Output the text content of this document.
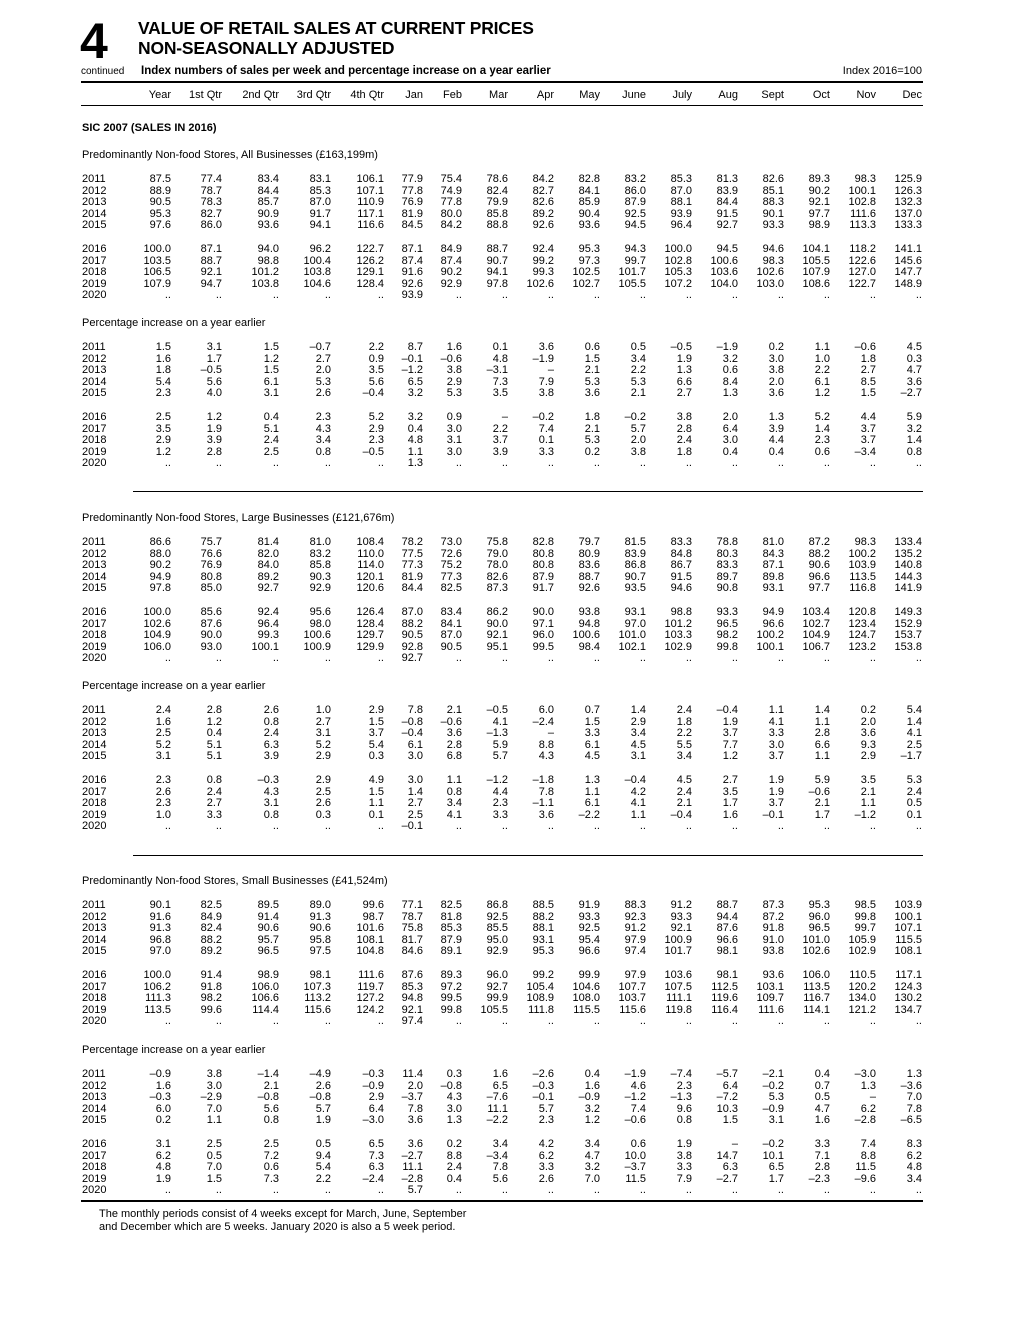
4 VALUE OF RETAIL SALES AT CURRENT PRICES
NON-SEASONALLY ADJUSTED
continued Index numbers of sales per week and percentage increase on a year earlier	Index 2016=100
Year 1st Qtr 2nd Qtr 3rd Qtr 4th Qtr Jan Feb Mar	Apr May June July Aug Sept	Oct Nov Dec
SIC 2007 (SALES IN 2016)
Predominantly Non-food Stores, All Businesses (£163,199m)
2011	87.5	77.4	83.4	83.1 106.1 77.9 75.4 78.6 84.2 82.8 83.2 85.3 81.3 82.6 89.3 98.3 125.9
2012	88.9	78.7	84.4	85.3 107.1 77.8 74.9 82.4 82.7 84.1 86.0 87.0 83.9 85.1 90.2 100.1 126.3
2013	90.5	78.3	85.7	87.0 110.9 76.9 77.8 79.9 82.6 85.9 87.9 88.1 84.4 88.3 92.1 102.8 132.3
2014	95.3	82.7	90.9	91.7 117.1 81.9 80.0 85.8 89.2 90.4 92.5 93.9 91.5 90.1 97.7 111.6 137.0
2015	97.6	86.0	93.6	94.1 116.6 84.5 84.2 88.8 92.6 93.6 94.5 96.4 92.7 93.3 98.9 113.3 133.3
2016	100.0	87.1	94.0	96.2 122.7 87.1 84.9 88.7 92.4 95.3 94.3 100.0 94.5 94.6 104.1 118.2 141.1
2017	103.5	88.7	98.8 100.4 126.2 87.4 87.4 90.7 99.2 97.3 99.7 102.8 100.6 98.3 105.5 122.6 145.6
2018	106.5	92.1	101.2 103.8 129.1 91.6 90.2 94.1 99.3 102.5 101.7 105.3 103.6 102.6 107.9 127.0 147.7
2019	107.9	94.7	103.8 104.6 128.4 92.6 92.9 97.8 102.6 102.7 105.5 107.2 104.0 103.0 108.6 122.7 148.9
2020	..	..	..	..	.. 93.9	..	..	..	..	..	..	..	..	..	..	..
Percentage increase on a year earlier
2011	1.5	3.1	1.5	–0.7	2.2 8.7 1.6	0.1	3.6	0.6	0.5 –0.5 –1.9	0.2	1.1 –0.6	4.5
2012	1.6	1.7	1.2	2.7	0.9 –0.1 –0.6	4.8 –1.9	1.5	3.4	1.9	3.2	3.0	1.0	1.8	0.3
2013	1.8	–0.5	1.5	2.0	3.5 –1.2 3.8 –3.1	–	2.1	2.2	1.3	0.6	3.8	2.2	2.7	4.7
2014	5.4	5.6	6.1	5.3	5.6 6.5 2.9	7.3	7.9	5.3	5.3	6.6	8.4	2.0	6.1	8.5	3.6
2015	2.3	4.0	3.1	2.6	–0.4 3.2 5.3	3.5	3.8	3.6	2.1	2.7	1.3	3.6	1.2	1.5 –2.7
2016	2.5	1.2	0.4	2.3	5.2 3.2 0.9	– –0.2	1.8 –0.2	3.8	2.0	1.3	5.2	4.4	5.9
2017	3.5	1.9	5.1	4.3	2.9 0.4 3.0	2.2	7.4	2.1	5.7	2.8	6.4	3.9	1.4	3.7	3.2
2018	2.9	3.9	2.4	3.4	2.3 4.8 3.1	3.7	0.1	5.3	2.0	2.4	3.0	4.4	2.3	3.7	1.4
2019	1.2	2.8	2.5	0.8	–0.5 1.1 3.0	3.9	3.3	0.2	3.8	1.8	0.4	0.4	0.6 –3.4	0.8
2020	..	..	..	..	.. 1.3	..	..	..	..	..	..	..	..	..	..	..
Predominantly Non-food Stores, Large Businesses (£121,676m)
2011	86.6	75.7	81.4	81.0 108.4 78.2 73.0 75.8 82.8 79.7 81.5 83.3 78.8 81.0 87.2 98.3 133.4
2012	88.0	76.6	82.0	83.2 110.0 77.5 72.6 79.0 80.8 80.9 83.9 84.8 80.3 84.3 88.2 100.2 135.2
2013	90.2	76.9	84.0	85.8 114.0 77.3 75.2 78.0 80.8 83.6 86.8 86.7 83.3 87.1 90.6 103.9 140.8
2014	94.9	80.8	89.2	90.3 120.1 81.9 77.3 82.6 87.9 88.7 90.7 91.5 89.7 89.8 96.6 113.5 144.3
2015	97.8	85.0	92.7	92.9 120.6 84.4 82.5 87.3 91.7 92.6 93.5 94.6 90.8 93.1 97.7 116.8 141.9
2016	100.0	85.6	92.4	95.6 126.4 87.0 83.4 86.2 90.0 93.8 93.1 98.8 93.3 94.9 103.4 120.8 149.3
2017	102.6	87.6	96.4	98.0 128.4 88.2 84.1 90.0 97.1 94.8 97.0 101.2 96.5 96.6 102.7 123.4 152.9
2018	104.9	90.0	99.3 100.6 129.7 90.5 87.0 92.1 96.0 100.6 101.0 103.3 98.2 100.2 104.9 124.7 153.7
2019	106.0	93.0	100.1 100.9 129.9 92.8 90.5 95.1 99.5 98.4 102.1 102.9 99.8 100.1 106.7 123.2 153.8
2020	..	..	..	..	.. 92.7	..	..	..	..	..	..	..	..	..	..	..
Percentage increase on a year earlier
2011	2.4	2.8	2.6	1.0	2.9 7.8 2.1 –0.5	6.0	0.7	1.4	2.4 –0.4	1.1	1.4	0.2	5.4
2012	1.6	1.2	0.8	2.7	1.5 –0.8 –0.6	4.1 –2.4	1.5	2.9	1.8	1.9	4.1	1.1	2.0	1.4
2013	2.5	0.4	2.4	3.1	3.7 –0.4 3.6 –1.3	–	3.3	3.4	2.2	3.7	3.3	2.8	3.6	4.1
2014	5.2	5.1	6.3	5.2	5.4 6.1 2.8	5.9	8.8	6.1	4.5	5.5	7.7	3.0	6.6	9.3	2.5
2015	3.1	5.1	3.9	2.9	0.3 3.0 6.8	5.7	4.3	4.5	3.1	3.4	1.2	3.7	1.1	2.9 –1.7
2016	2.3	0.8	–0.3	2.9	4.9 3.0 1.1 –1.2 –1.8	1.3 –0.4	4.5	2.7	1.9	5.9	3.5	5.3
2017	2.6	2.4	4.3	2.5	1.5 1.4 0.8	4.4	7.8	1.1	4.2	2.4	3.5	1.9 –0.6	2.1	2.4
2018	2.3	2.7	3.1	2.6	1.1 2.7 3.4	2.3 –1.1	6.1	4.1	2.1	1.7	3.7	2.1	1.1	0.5
2019	1.0	3.3	0.8	0.3	0.1 2.5 4.1	3.3	3.6 –2.2	1.1 –0.4	1.6 –0.1	1.7 –1.2	0.1
2020	..	..	..	..	.. –0.1	..	..	..	..	..	..	..	..	..	..	..
Predominantly Non-food Stores, Small Businesses (£41,524m)
2011	90.1	82.5	89.5	89.0	99.6 77.1 82.5 86.8 88.5 91.9 88.3 91.2 88.7 87.3 95.3 98.5 103.9
2012	91.6	84.9	91.4	91.3	98.7 78.7 81.8 92.5 88.2 93.3 92.3 93.3 94.4 87.2 96.0 99.8 100.1
2013	91.3	82.4	90.6	90.6 101.6 75.8 85.3 85.5 88.1 92.5 91.2 92.1 87.6 91.8 96.5 99.7 107.1
2014	96.8	88.2	95.7	95.8 108.1 81.7 87.9 95.0 93.1 95.4 97.9 100.9 96.6 91.0 101.0 105.9 115.5
2015	97.0	89.2	96.5	97.5 104.8 84.6 89.1 92.9 95.3 96.6 97.4 101.7 98.1 93.8 102.6 102.9 108.1
2016	100.0	91.4	98.9	98.1 111.6 87.6 89.3 96.0 99.2 99.9 97.9 103.6 98.1 93.6 106.0 110.5 117.1
2017	106.2	91.8	106.0 107.3 119.7 85.3 97.2 92.7 105.4 104.6 107.7 107.5 112.5 103.1 113.5 120.2 124.3
2018	111.3	98.2	106.6 113.2 127.2 94.8 99.5 99.9 108.9 108.0 103.7 111.1 119.6 109.7 116.7 134.0 130.2
2019	113.5	99.6	114.4 115.6 124.2 92.1 99.8 105.5 111.8 115.5 115.6 119.8 116.4 111.6 114.1 121.2 134.7
2020	..	..	..	..	.. 97.4	..	..	..	..	..	..	..	..	..	..	..
Percentage increase on a year earlier
2011	–0.9	3.8	–1.4	–4.9	–0.3 11.4 0.3	1.6 –2.6	0.4 –1.9 –7.4 –5.7 –2.1	0.4 –3.0	1.3
2012	1.6	3.0	2.1	2.6	–0.9 2.0 –0.8	6.5 –0.3	1.6	4.6	2.3	6.4 –0.2	0.7	1.3 –3.6
2013	–0.3	–2.9	–0.8	–0.8	2.9 –3.7 4.3 –7.6 –0.1 –0.9 –1.2 –1.3 –7.2	5.3	0.5	–	7.0
2014	6.0	7.0	5.6	5.7	6.4 7.8 3.0 11.1	5.7	3.2	7.4	9.6 10.3 –0.9	4.7	6.2	7.8
2015	0.2	1.1	0.8	1.9	–3.0 3.6 1.3 –2.2	2.3	1.2 –0.6	0.8	1.5	3.1	1.6 –2.8 –6.5
2016	3.1	2.5	2.5	0.5	6.5 3.6 0.2	3.4	4.2	3.4	0.6	1.9	– –0.2	3.3	7.4	8.3
2017	6.2	0.5	7.2	9.4	7.3 –2.7 8.8 –3.4	6.2	4.7 10.0	3.8 14.7 10.1	7.1	8.8	6.2
2018	4.8	7.0	0.6	5.4	6.3 11.1 2.4	7.8	3.3	3.2 –3.7	3.3	6.3	6.5	2.8 11.5	4.8
2019	1.9	1.5	7.3	2.2	–2.4 –2.8 0.4	5.6	2.6	7.0 11.5	7.9 –2.7	1.7 –2.3 –9.6	3.4
2020	..	..	..	..	.. 5.7	..	..	..	..	..	..	..	..	..	..	..
The monthly periods consist of 4 weeks except for March, June, September
and December which are 5 weeks. January 2020 is also a 5 week period.
